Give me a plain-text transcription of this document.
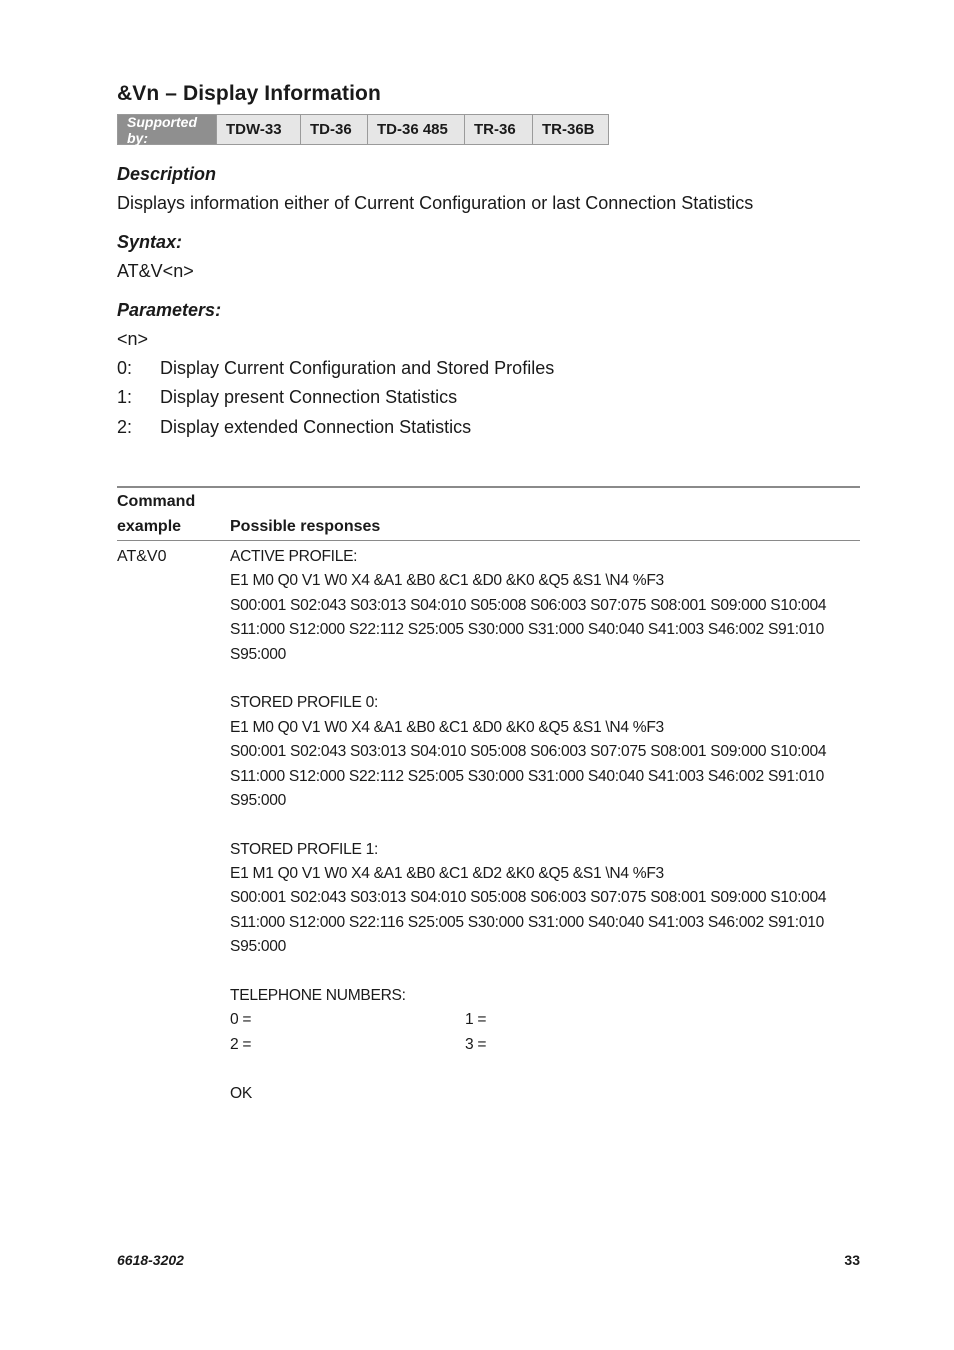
&Vn – Display Information
Supported by:	TDW-33	TD-36	TD-36 485	TR-36	TR-36B
Description

Displays information either of Current Configuration or last Connection Statistics

Syntax:

AT&V<n>

Parameters:

<n>

0:	Display Current Configuration and Stored Profiles
1:	Display present Connection Statistics
2:	Display extended Connection Statistics
Command
example	Possible responses
AT&V0	ACTIVE PROFILE:
E1 M0 Q0 V1 W0 X4 &A1 &B0 &C1 &D0 &K0 &Q5 &S1 \N4 %F3
S00:001 S02:043 S03:013 S04:010 S05:008 S06:003 S07:075 S08:001 S09:000 S10:004
S11:000 S12:000 S22:112 S25:005 S30:000 S31:000 S40:040 S41:003 S46:002 S91:010
S95:000
STORED PROFILE 0:
E1 M0 Q0 V1 W0 X4 &A1 &B0 &C1 &D0 &K0 &Q5 &S1 \N4 %F3
S00:001 S02:043 S03:013 S04:010 S05:008 S06:003 S07:075 S08:001 S09:000 S10:004
S11:000 S12:000 S22:112 S25:005 S30:000 S31:000 S40:040 S41:003 S46:002 S91:010
S95:000
STORED PROFILE 1:
E1 M1 Q0 V1 W0 X4 &A1 &B0 &C1 &D2 &K0 &Q5 &S1 \N4 %F3
S00:001 S02:043 S03:013 S04:010 S05:008 S06:003 S07:075 S08:001 S09:000 S10:004
S11:000 S12:000 S22:116 S25:005 S30:000 S31:000 S40:040 S41:003 S46:002 S91:010
S95:000
TELEPHONE NUMBERS:
0 =	1 =
2 =	3 =
OK
6618-3202	33
